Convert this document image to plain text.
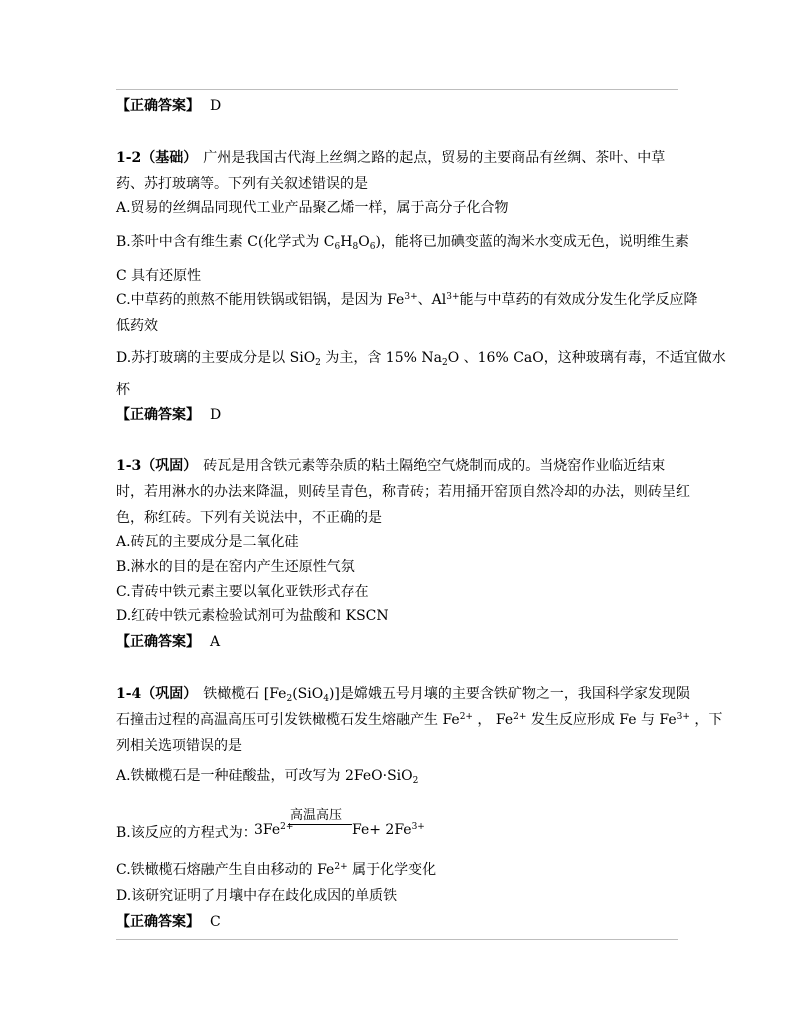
【正确答案】 D
1-2（基础） 广州是我国古代海上丝绸之路的起点，贸易的主要商品有丝绸、茶叶、中草
药、苏打玻璃等。下列有关叙述错误的是
A.贸易的丝绸品同现代工业产品聚乙烯一样，属于高分子化合物
B.茶叶中含有维生素 C(化学式为 $C_6H_8O_6$)，能将已加碘变蓝的淘米水变成无色，说明维生素
C 具有还原性
C.中草药的煎熬不能用铁锅或铝锅，是因为 $Fe^{3+}$、$Al^{3+}$能与中草药的有效成分发生化学反应降
低药效
D.苏打玻璃的主要成分是以 SiO$_2$ 为主，含 15% $Na_2O$ 、16% CaO，这种玻璃有毒，不适宜做水
杯
【正确答案】 D
1-3（巩固） 砖瓦是用含铁元素等杂质的粘土隔绝空气烧制而成的。当烧窑作业临近结束
时，若用淋水的办法来降温，则砖呈青色，称青砖；若用捅开窑顶自然冷却的办法，则砖呈红
色，称红砖。下列有关说法中，不正确的是
A.砖瓦的主要成分是二氧化硅
B.淋水的目的是在窑内产生还原性气氛
C.青砖中铁元素主要以氧化亚铁形式存在
D.红砖中铁元素检验试剂可为盐酸和 KSCN
【正确答案】 A
1-4（巩固） 铁橄榄石 $[Fe_2(SiO_4)]$是嫦娥五号月壤的主要含铁矿物之一，我国科学家发现陨
石撞击过程的高温高压可引发铁橄榄石发生熔融产生 $Fe^{2+}$ ， $Fe^{2+}$ 发生反应形成 Fe 与 $Fe^{3+}$ ，下
列相关选项错误的是
A.铁橄榄石是一种硅酸盐，可改写为 2FeO·SiO$_2$
B.该反应的方程式为：
$3Fe^{2+}$
高温高压
$Fe+ 2Fe^{3+}$
C.铁橄榄石熔融产生自由移动的 $Fe^{2+}$ 属于化学变化
D.该研究证明了月壤中存在歧化成因的单质铁
【正确答案】 C
